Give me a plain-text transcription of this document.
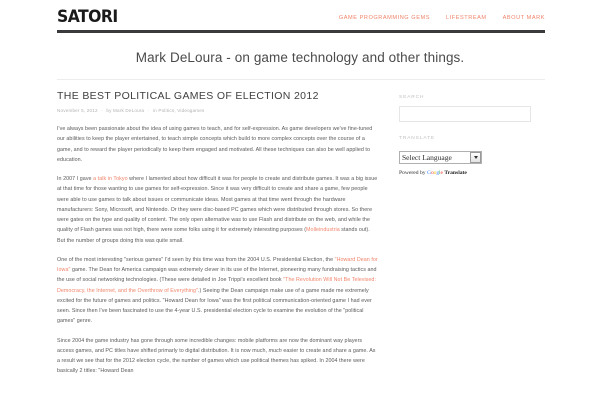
SATORI	GAME PROGRAMMING GEMS	LIFESTREAM	ABOUT MARK
Mark DeLoura - on game technology and other things.
THE BEST POLITICAL GAMES OF ELECTION 2012
November 5, 2012 · by Mark DeLoura · in Politics, Videogames

I've always been passionate about the idea of using games to teach, and for self-expression. As game developers we've fine-tuned our abilities to keep the player entertained, to teach simple concepts which build to more complex concepts over the course of a game, and to reward the player periodically to keep them engaged and motivated. All these techniques can also be well applied to education.

In 2007 I gave a talk in Tokyo where I lamented about how difficult it was for people to create and distribute games. It was a big issue at that time for those wanting to use games for self-expression. Since it was very difficult to create and share a game, few people were able to use games to talk about issues or communicate ideas. Most games at that time went through the hardware manufacturers: Sony, Microsoft, and Nintendo. Or they were disc-based PC games which were distributed through stores. So there were gates on the type and quality of content. The only open alternative was to use Flash and distribute on the web, and while the quality of Flash games was not high, there were some folks using it for extremely interesting purposes (Molleindustria stands out). But the number of groups doing this was quite small.

One of the most interesting "serious games" I'd seen by this time was from the 2004 U.S. Presidential Election, the "Howard Dean for Iowa" game. The Dean for America campaign was extremely clever in its use of the Internet, pioneering many fundraising tactics and the use of social networking technologies. (These were detailed in Joe Trippi's excellent book "The Revolution Will Not Be Televised: Democracy, the Internet, and the Overthrow of Everything".) Seeing the Dean campaign make use of a game made me extremely excited for the future of games and politics. "Howard Dean for Iowa" was the first political communication-oriented game I had ever seen. Since then I've been fascinated to use the 4-year U.S. presidential election cycle to examine the evolution of the "political games" genre.

Since 2004 the game industry has gone through some incredible changes: mobile platforms are now the dominant way players access games, and PC titles have shifted primarly to digital distribution. It is now much, much easier to create and share a game. As a result we see that for the 2012 election cycle, the number of games which use political themes has spiked. In 2004 there were basically 2 titles: "Howard Dean

SEARCH
TRANSLATE
Select Language
Powered by Google Translate
